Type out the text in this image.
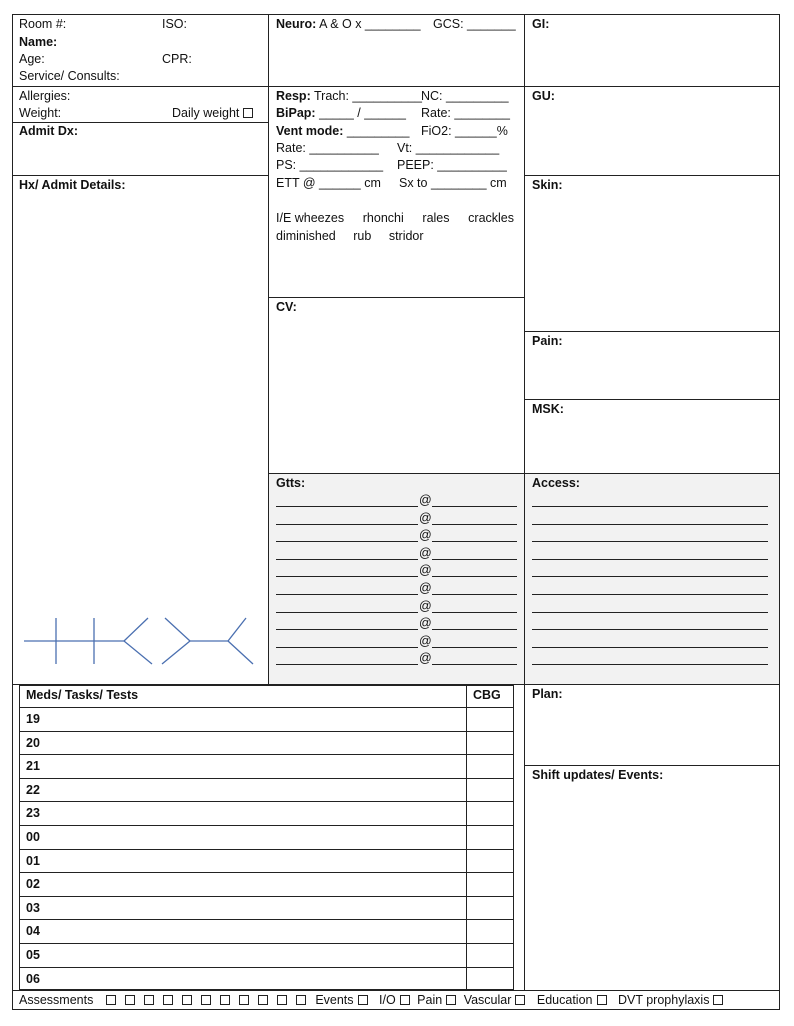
Room #:	ISO:
Name:
Age:	CPR:
Service/ Consults:
Allergies:
Weight:	Daily weight
Admit Dx:
Hx/ Admit Details:
Neuro: A & O x ________ GCS: _______
Resp: Trach: __________ NC: _________
BiPap: _____ / ______ Rate: ________
Vent mode: _________ FiO2: ______%
Rate: __________ Vt: ____________
PS: ____________ PEEP: __________
ETT @ ______ cm Sx to ________ cm
I/E wheezes rhonchi rales crackles
diminished rub stridor
CV:
Gtts:
@
@
@
@
@
@
@
@
@
@
GI:
GU:
Skin:
Pain:
MSK:
Access:
Plan:
Shift updates/ Events:
Meds/ Tasks/ Tests	CBG
19
20
21
22
23
00
01
02
03
04
05
06
Assessments	Events I/O Pain Vascular Education DVT prophylaxis
